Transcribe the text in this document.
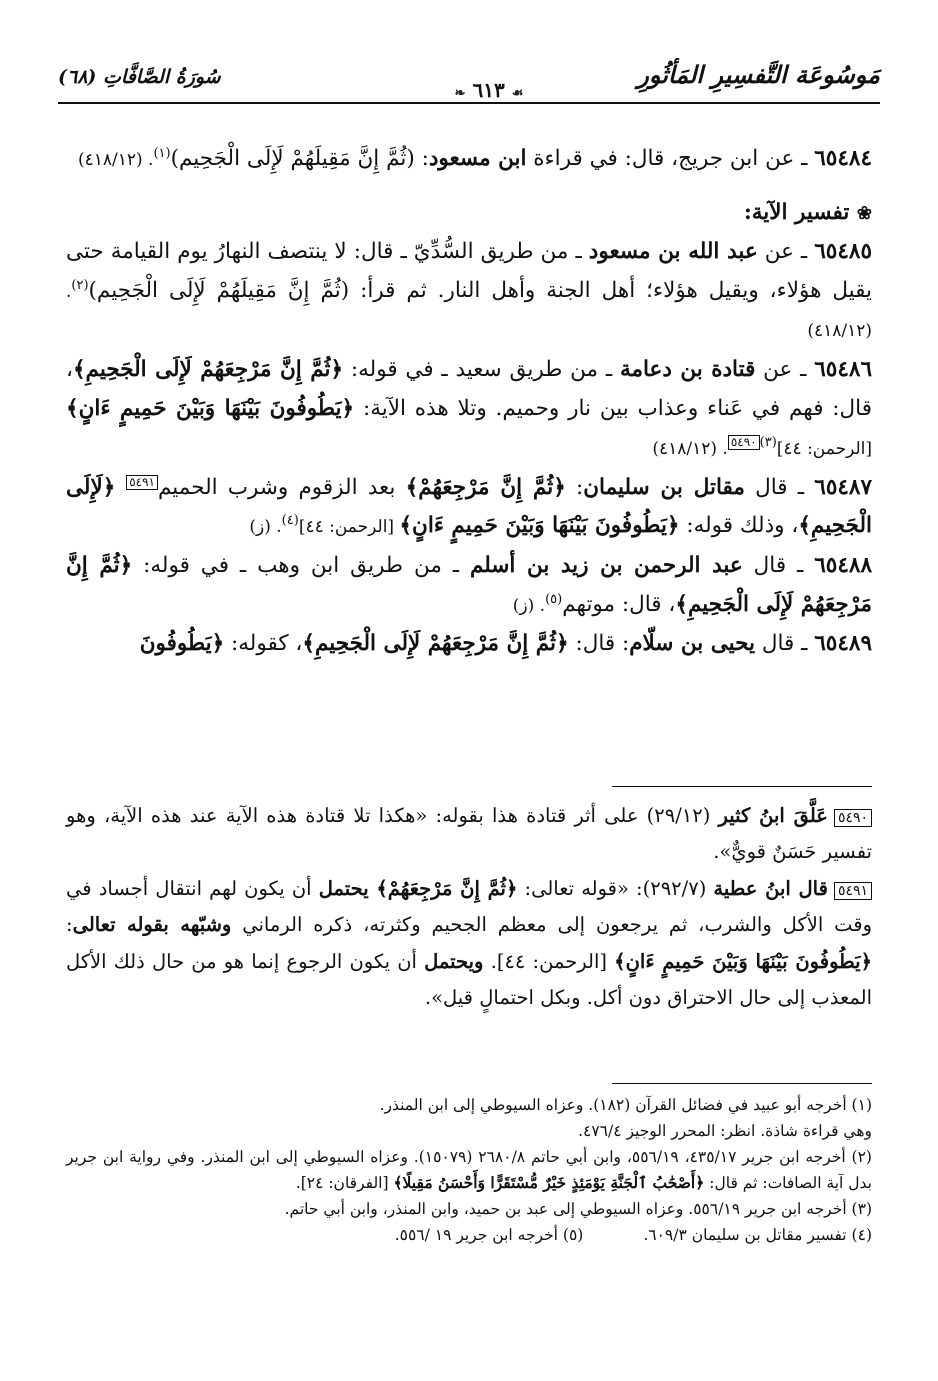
مَوسُوعَة التَّفسِيرِ المَأثُورِ
☙ ٦١٣ ❧
سُورَةُ الصَّافَّاتِ (٦٨)
٦٥٤٨٤ ـ عن ابن جريج، قال: في قراءة ابن مسعود: (ثُمَّ إِنَّ مَقِيلَهُمْ لَإِلَى الْجَحِيم)$^{(١)}$. (٤١٨/١٢)
❀ تفسير الآية:
٦٥٤٨٥ ـ عن عبد الله بن مسعود ـ من طريق السُّدِّيّ ـ قال: لا ينتصف النهارُ يوم القيامة حتى يقيل هؤلاء، ويقيل هؤلاء؛ أهل الجنة وأهل النار. ثم قرأ: (ثُمَّ إِنَّ مَقِيلَهُمْ لَإِلَى الْجَحِيم)$^{(٢)}$. (٤١٨/١٢)
٦٥٤٨٦ ـ عن قتادة بن دعامة ـ من طريق سعيد ـ في قوله: ﴿ثُمَّ إِنَّ مَرْجِعَهُمْ لَإِلَى الْجَحِيمِ﴾، قال: فهم في عَناء وعذاب بين نار وحميم. وتلا هذه الآية: ﴿يَطُوفُونَ بَيْنَهَا وَبَيْنَ حَمِيمٍ ءَانٍ﴾ [الرحمن: ٤٤]$^{(٣)}$٥٤٩٠. (٤١٨/١٢)
٦٥٤٨٧ ـ قال مقاتل بن سليمان: ﴿ثُمَّ إِنَّ مَرْجِعَهُمْ﴾ بعد الزقوم وشرب الحميم٥٤٩١ ﴿لَإِلَى الْجَحِيمِ﴾، وذلك قوله: ﴿يَطُوفُونَ بَيْنَهَا وَبَيْنَ حَمِيمٍ ءَانٍ﴾ [الرحمن: ٤٤]$^{(٤)}$. (ز)
٦٥٤٨٨ ـ قال عبد الرحمن بن زيد بن أسلم ـ من طريق ابن وهب ـ في قوله: ﴿ثُمَّ إِنَّ مَرْجِعَهُمْ لَإِلَى الْجَحِيمِ﴾، قال: موتهم$^{(٥)}$. (ز)
٦٥٤٨٩ ـ قال يحيى بن سلّام: قال: ﴿ثُمَّ إِنَّ مَرْجِعَهُمْ لَإِلَى الْجَحِيمِ﴾، كقوله: ﴿يَطُوفُونَ
٥٤٩٠عَلَّقَ ابنُ كثير (٢٩/١٢) على أثر قتادة هذا بقوله: «هكذا تلا قتادة هذه الآية عند هذه الآية، وهو تفسير حَسَنٌ قويٌّ».
٥٤٩١قال ابنُ عطية (٢٩٢/٧): «قوله تعالى: ﴿ثُمَّ إِنَّ مَرْجِعَهُمْ﴾ يحتمل أن يكون لهم انتقال أجساد في وقت الأكل والشرب، ثم يرجعون إلى معظم الجحيم وكثرته، ذكره الرماني وشبّهه بقوله تعالى: ﴿يَطُوفُونَ بَيْنَهَا وَبَيْنَ حَمِيمٍ ءَانٍ﴾ [الرحمن: ٤٤]. ويحتمل أن يكون الرجوع إنما هو من حال ذلك الأكل المعذب إلى حال الاحتراق دون أكل. وبكل احتمالٍ قيل».

(١) أخرجه أبو عبيد في فضائل القرآن (١٨٢). وعزاه السيوطي إلى ابن المنذر.

وهي قراءة شاذة. انظر: المحرر الوجيز ٤٧٦/٤.

(٢) أخرجه ابن جرير ٤٣٥/١٧، ٥٥٦/١٩، وابن أبي حاتم ٢٦٨٠/٨ (١٥٠٧٩). وعزاه السيوطي إلى ابن المنذر. وفي رواية ابن جرير بدل آية الصافات: ثم قال: ﴿أَصْحَٰبُ ٱلْجَنَّةِ يَوْمَئِذٍ خَيْرٌ مُّسْتَقَرًّا وَأَحْسَنُ مَقِيلًا﴾ [الفرقان: ٢٤].

(٣) أخرجه ابن جرير ٥٥٦/١٩. وعزاه السيوطي إلى عبد بن حميد، وابن المنذر، وابن أبي حاتم.

(٤) تفسير مقاتل بن سليمان ٦٠٩/٣.
(٥) أخرجه ابن جرير ١٩ /٥٥٦.
